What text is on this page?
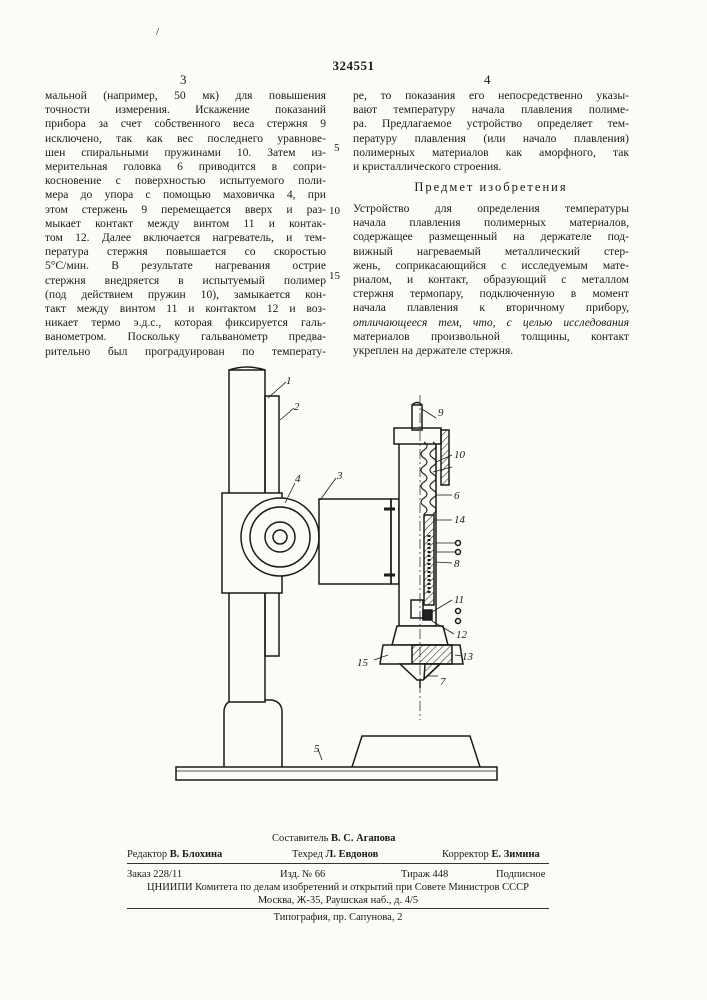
/
324551
3	4
мальной (например, 50 мк) для повышения
точности измерения. Искажение показаний
прибора за счет собственного веса стержня 9
исключено, так как вес последнего уравнове-
шен спиральными пружинами 10. Затем из-
мерительная головка 6 приводится в сопри-
косновение с поверхностью испытуемого поли-
мера до упора с помощью маховичка 4, при
этом стержень 9 перемещается вверх и раз-
мыкает контакт между винтом 11 и контак-
том 12. Далее включается нагреватель, и тем-
пература стержня повышается со скоростью
5°С/мин. В результате нагревания острие
стержня внедряется в испытуемый полимер
(под действием пружин 10), замыкается кон-
такт между винтом 11 и контактом 12 и воз-
никает термо э.д.с., которая фиксируется галь-
ванометром. Поскольку гальванометр предва-
рительно был проградуирован по температу-
ре, то показания его непосредственно указы-
вают температуру начала плавления полиме-
ра. Предлагаемое устройство определяет тем-
пературу плавления (или начало плавления)
полимерных материалов как аморфного, так
и кристаллического строения.
Предмет изобретения
Устройство для определения температуры
начала плавления полимерных материалов,
содержащее размещенный на держателе под-
вижный нагреваемый металлический стер-
жень, соприкасающийся с исследуемым мате-
риалом, и контакт, образующий с металлом
стержня термопару, подключенную в момент
начала плавления к вторичному прибору,
отличающееся тем, что, с целью исследования
материалов произвольной толщины, контакт
укреплен на держателе стержня.
5
10
15
1
2
3
4
5
6
7
8
9
10
11
12
13
14
15
Составитель В. С. Агапова
Редактор В. Блохина	Техред Л. Евдонов	Корректор Е. Зимина
Заказ 228/11	Изд. № 66	Тираж 448	Подписное
ЦНИИПИ Комитета по делам изобретений и открытий при Совете Министров СССР
Москва, Ж-35, Раушская наб., д. 4/5
Типография, пр. Сапунова, 2
